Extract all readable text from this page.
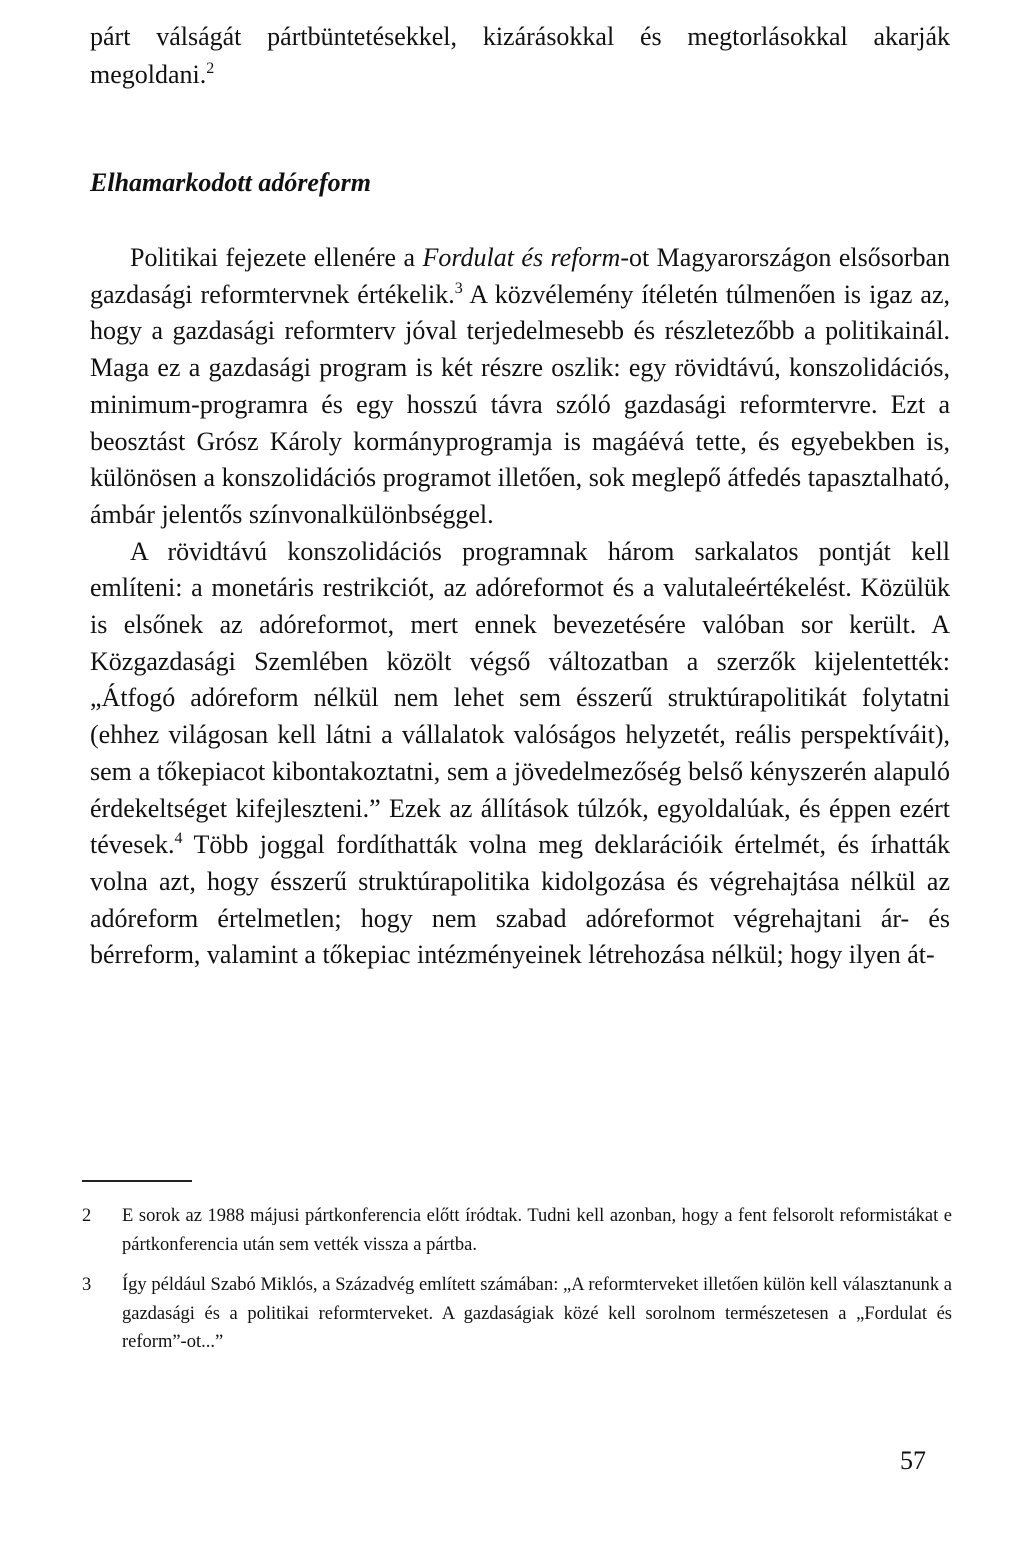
párt válságát pártbüntetésekkel, kizárásokkal és megtorlásokkal akarják megoldani.$^2$

Elhamarkodott adóreform

Politikai fejezete ellenére a Fordulat és reform-ot Magyarországon elsősorban gazdasági reformtervnek értékelik.$^3$ A közvélemény ítéletén túlmenően is igaz az, hogy a gazdasági reformterv jóval terjedelmesebb és részletezőbb a politikainál. Maga ez a gazdasági program is két részre oszlik: egy rövidtávú, konszolidációs, minimum-programra és egy hosszú távra szóló gazdasági reformtervre. Ezt a beosztást Grósz Károly kormányprogramja is magáévá tette, és egyebekben is, különösen a konszolidációs programot illetően, sok meglepő átfedés tapasztalható, ámbár jelentős színvonalkülönbséggel.

A rövidtávú konszolidációs programnak három sarkalatos pontját kell említeni: a monetáris restrikciót, az adóreformot és a valutaleértékelést. Közülük is elsőnek az adóreformot, mert ennek bevezetésére valóban sor került. A Közgazdasági Szemlében közölt végső változatban a szerzők kijelentették: „Átfogó adóreform nélkül nem lehet sem ésszerű struktúrapolitikát folytatni (ehhez világosan kell látni a vállalatok valóságos helyzetét, reális perspektíváit), sem a tőkepiacot kibontakoztatni, sem a jövedelmezőség belső kényszerén alapuló érdekeltséget kifejleszteni.” Ezek az állítások túlzók, egyoldalúak, és éppen ezért tévesek.$^4$ Több joggal fordíthatták volna meg deklarációik értelmét, és írhatták volna azt, hogy ésszerű struktúrapolitika kidolgozása és végrehajtása nélkül az adóreform értelmetlen; hogy nem szabad adóreformot végrehajtani ár- és bérreform, valamint a tőkepiac intézményeinek létrehozása nélkül; hogy ilyen át-

2	E sorok az 1988 májusi pártkonferencia előtt íródtak. Tudni kell azonban, hogy a fent felsorolt reformistákat e pártkonferencia után sem vették vissza a pártba.
3	Így például Szabó Miklós, a Századvég említett számában: „A reformterveket illetően külön kell választanunk a gazdasági és a politikai reformterveket. A gazdaságiak közé kell sorolnom természetesen a „Fordulat és reform”-ot...”
57
